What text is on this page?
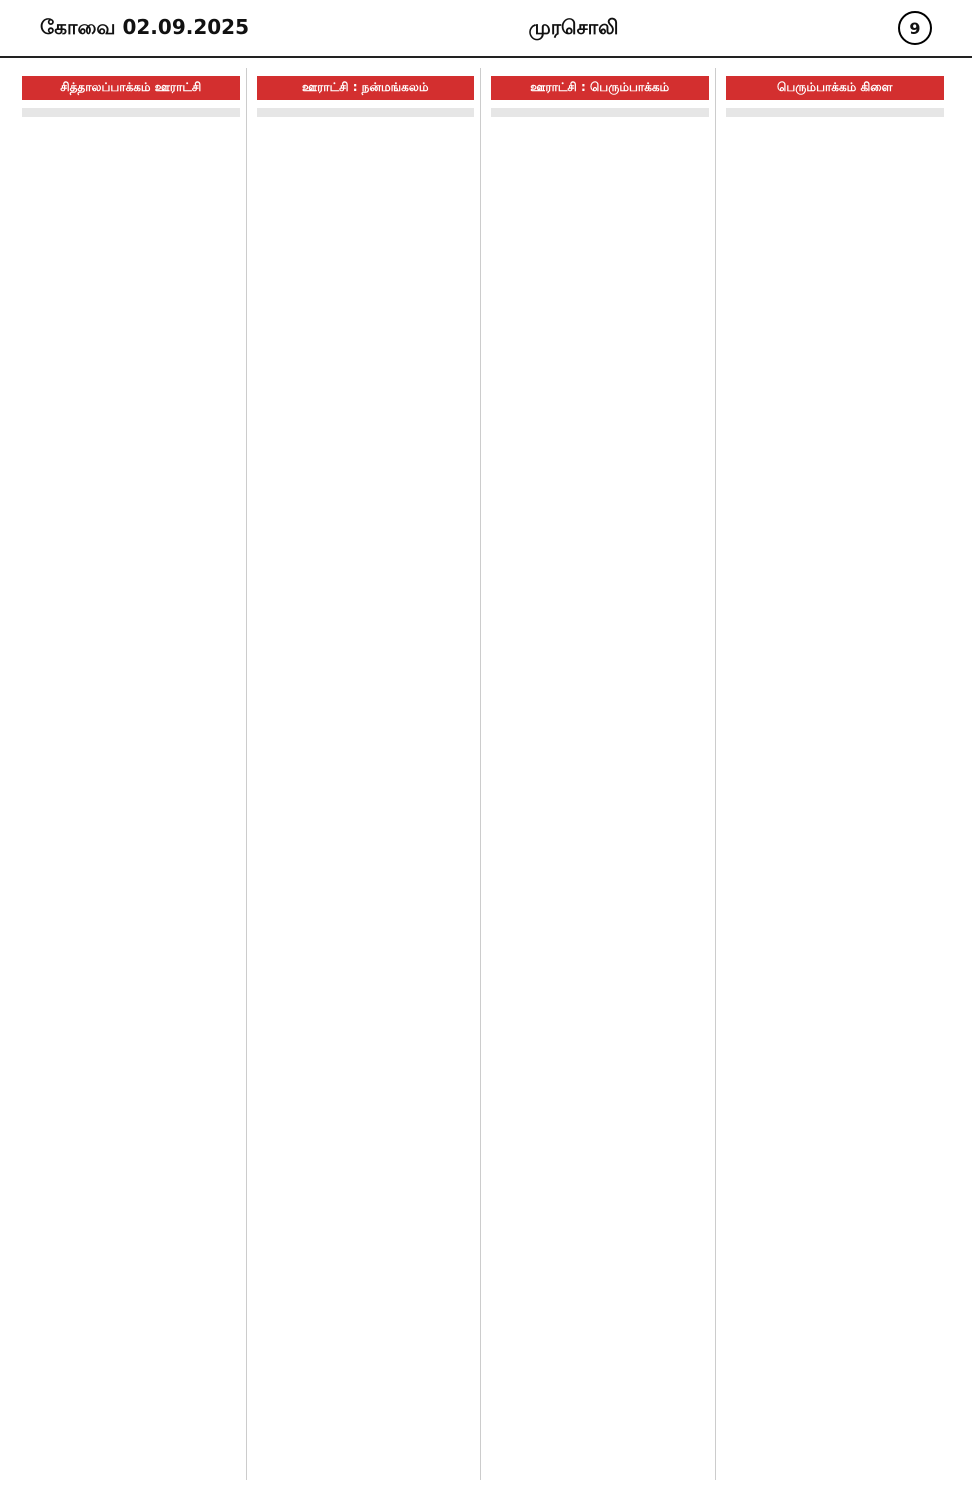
கோவை 02.09.2025	முரசொலி	9
சித்தாலப்பாக்கம் ஊராட்சி	ஊராட்சி : நன்மங்கலம்	ஊராட்சி : பெரும்பாக்கம்	பெரும்பாக்கம் கிளை
